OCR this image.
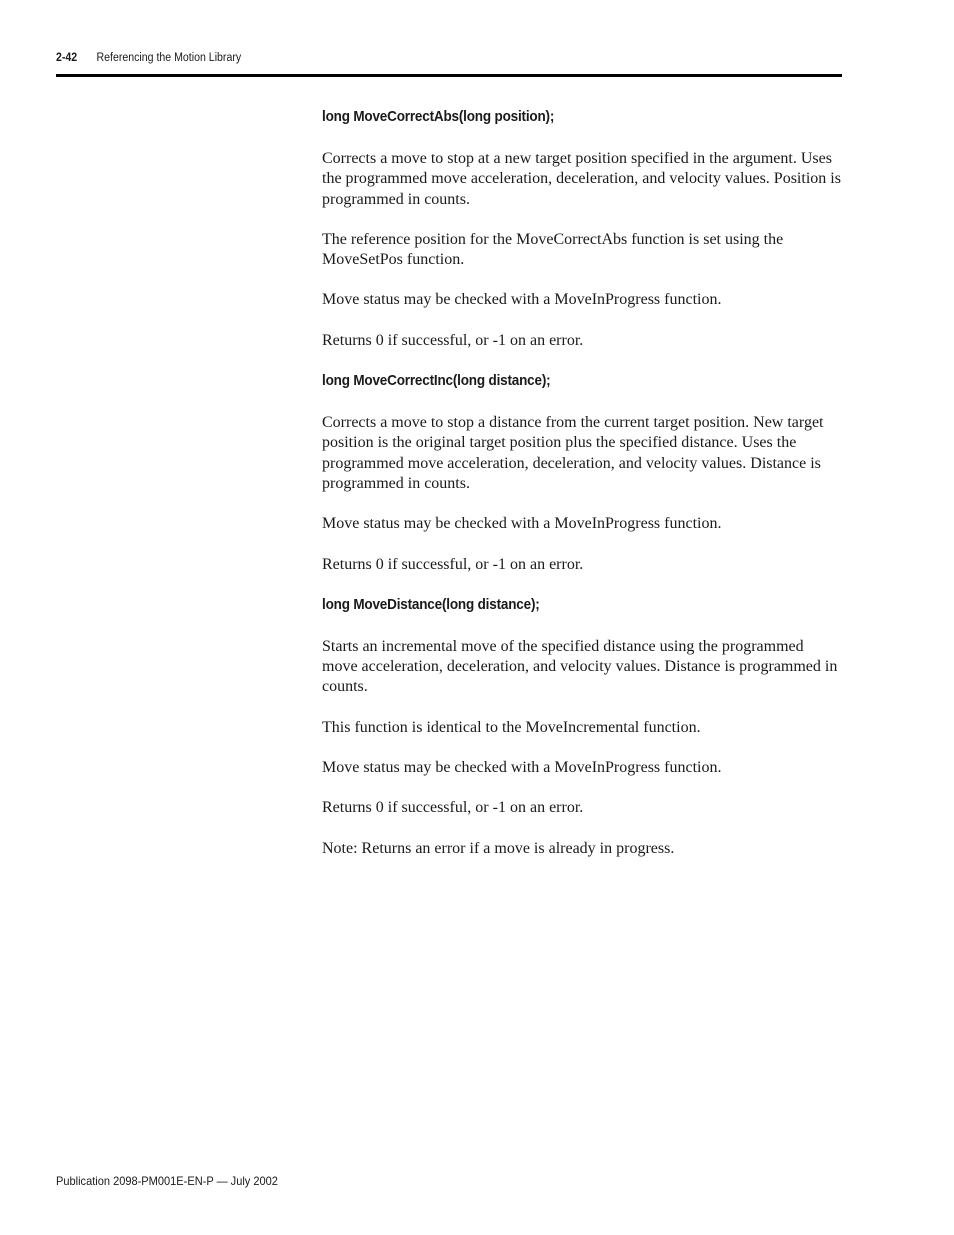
2-42 Referencing the Motion Library
long MoveCorrectAbs(long position);

Corrects a move to stop at a new target position specified in the argument. Uses the programmed move acceleration, deceleration, and velocity values. Position is programmed in counts.

The reference position for the MoveCorrectAbs function is set using the MoveSetPos function.

Move status may be checked with a MoveInProgress function.

Returns 0 if successful, or -1 on an error.

long MoveCorrectInc(long distance);

Corrects a move to stop a distance from the current target position. New target position is the original target position plus the specified distance. Uses the programmed move acceleration, deceleration, and velocity values. Distance is programmed in counts.

Move status may be checked with a MoveInProgress function.

Returns 0 if successful, or -1 on an error.

long MoveDistance(long distance);

Starts an incremental move of the specified distance using the programmed move acceleration, deceleration, and velocity values. Distance is programmed in counts.

This function is identical to the MoveIncremental function.

Move status may be checked with a MoveInProgress function.

Returns 0 if successful, or -1 on an error.

Note: Returns an error if a move is already in progress.

Publication 2098-PM001E-EN-P — July 2002
